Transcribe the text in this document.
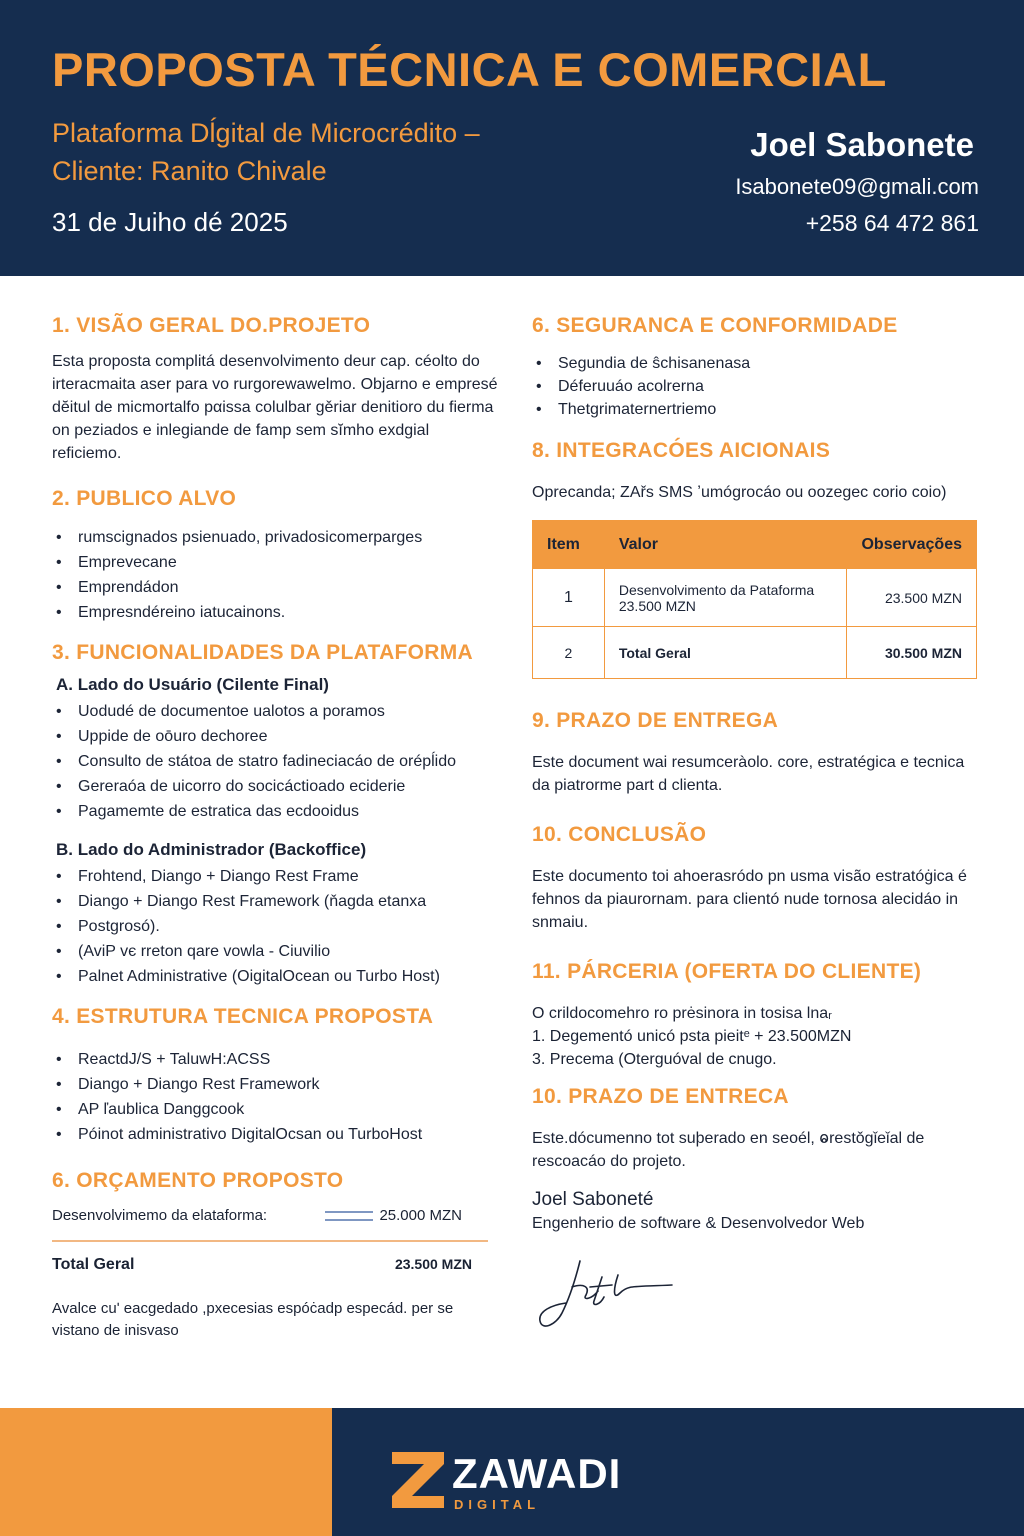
PROPOSTA TÉCNICA E COMERCIAL
Plataforma Dĺgital de Microcrédito –
Cliente: Ranito Chivale
31 de Juiho dé 2025
Joel Sabonete
Isabonete09@gmali.com
+258 64 472 861
1. VISÃO GERAL DO.PROJETO

Esta proposta complitá desenvolvimento deur cap. céolto do irteracmaita aser para vo rurgorewawelmo. Objarno e empresé dĕitul de micmortalfo pαissa colulbar gěriar denitioro du fierma on peziados e inlegiande de famp sem sĭmho exdgial reficiemo.

2. PUBLICO ALVO
• rumscignados psienuado, privadosicomerparges
• Emprevecane
• Emprendádon
• Empresndéreino iatucainons.
3. FUNCIONALIDADES DA PLATAFORMA
A. Lado do Usuário (Cilente Final)
• Uodudé de documentoe ualotos a poramos
• Uppide de oōuro dechoree
• Consulto de státoa de statro fadineciacáo de orépĺido
• Gereraóa de uicorro do socicáctioado eciderie
• Pagamemte de estratica das ecdooidus
B. Lado do Administrador (Backoffice)
• Frohtend, Diango + Diango Rest Frame
• Diango + Diango Rest Framework (ňagda etanxa
• Postgrosó).
• (AviP vє rreton qare vowla - Ciuvilio
• Palnet Administrative (OigitalOcean ou Turbo Host)
4. ESTRUTURA TECNICA PROPOSTA
• ReactdJ/S + TaluwH:ACSS
• Diango + Diango Rest Framework
• AP ľaublica Danggcook
• Póinot administrativo DigitalOcsan ou TurboHost
6. ORÇAMENTO PROPOSTO
Desenvolvimemo da elataforma:	25.000 MZN
Total Geral	23.500 MZN

Avalce cuʹ eacgedado ,pxecesias espóċadp especád. per se vistano de inisvaso

6. SEGURANCA E CONFORMIDADE
• Segundia de ŝchisanenasa
• Déferuuáo acolrerna
• Thetgrimaternertriemo
8. INTEGRACÓES AICIONAIS

Oprecanda; ZAřs SMS ʼumógrocáo ou oozegec corio coio)

Item	Valor	Observações
1	Desenvolvimento da Pataforma 23.500 MZN	23.500 MZN
2	Total Geral	30.500 MZN
9. PRAZO DE ENTREGA

Este document wai resumceràolo. core, estratégica e tecnica da piatrorme part d clienta.

10. CONCLUSÃO

Este documento toi ahoerasródo pn usma visão estratóġica é fehnos da piaurornam. para clientó nude tornosa alecidáo in snmaiu.

11. PÁRCERIA (OFERTA DO CLIENTE)

O crildocomehro ro prėsinora in tosisa lnaᵣ

1. Degementó unicó psta pieitᵉ + 23.500MZN
3. Precema (Oterguóval de cnugo.
10. PRAZO DE ENTRECA

Este.dócumenno tot suþerado en seoél, ⱺrestǒgǐeǐal de rescoacáo do projeto.

Joel Saboneté
Engenherio de software & Desenvolvedor Web
ZAWADI
DIGITAL
